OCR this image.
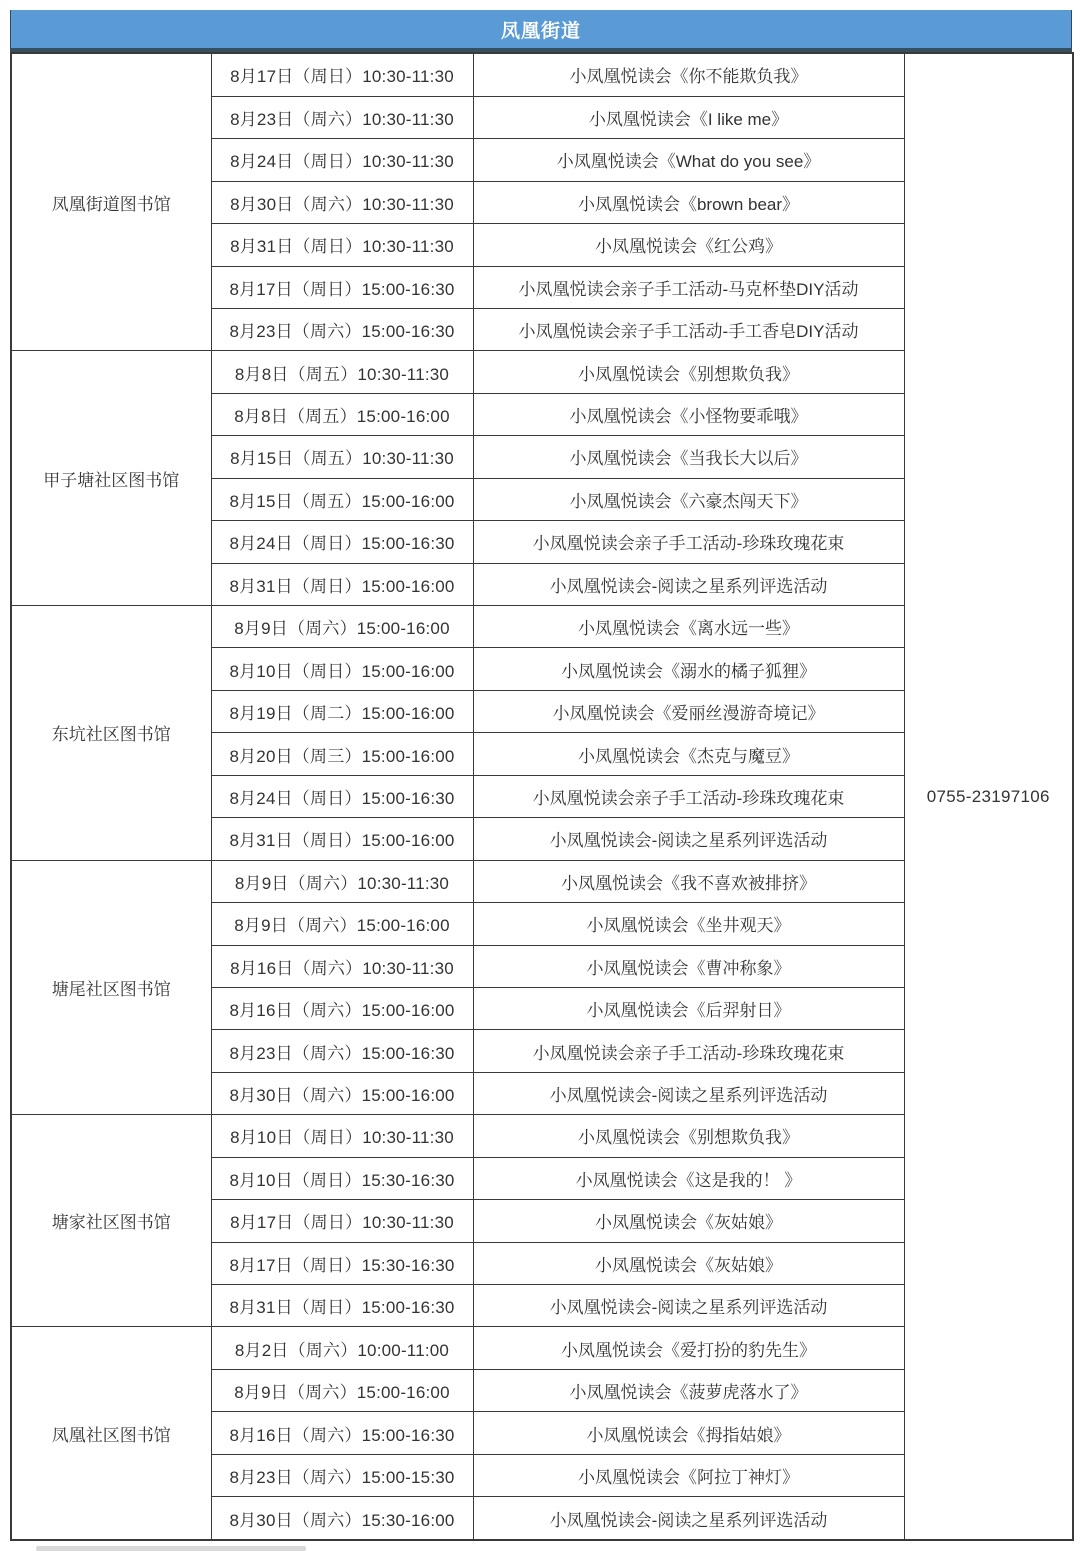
凤凰街道
凤凰街道图书馆	8月17日（周日）10:30-11:30	小凤凰悦读会《你不能欺负我》	0755-23197106
	8月23日（周六）10:30-11:30	小凤凰悦读会《I like me》	
	8月24日（周日）10:30-11:30	小凤凰悦读会《What do you see》	
	8月30日（周六）10:30-11:30	小凤凰悦读会《brown bear》	
	8月31日（周日）10:30-11:30	小凤凰悦读会《红公鸡》	
	8月17日（周日）15:00-16:30	小凤凰悦读会亲子手工活动-马克杯垫DIY活动	
	8月23日（周六）15:00-16:30	小凤凰悦读会亲子手工活动-手工香皂DIY活动	
甲子塘社区图书馆	8月8日（周五）10:30-11:30	小凤凰悦读会《别想欺负我》	
	8月8日（周五）15:00-16:00	小凤凰悦读会《小怪物要乖哦》	
	8月15日（周五）10:30-11:30	小凤凰悦读会《当我长大以后》	
	8月15日（周五）15:00-16:00	小凤凰悦读会《六豪杰闯天下》	
	8月24日（周日）15:00-16:30	小凤凰悦读会亲子手工活动-珍珠玫瑰花束	
	8月31日（周日）15:00-16:00	小凤凰悦读会-阅读之星系列评选活动	
东坑社区图书馆	8月9日（周六）15:00-16:00	小凤凰悦读会《离水远一些》	
	8月10日（周日）15:00-16:00	小凤凰悦读会《溺水的橘子狐狸》	
	8月19日（周二）15:00-16:00	小凤凰悦读会《爱丽丝漫游奇境记》	
	8月20日（周三）15:00-16:00	小凤凰悦读会《杰克与魔豆》	
	8月24日（周日）15:00-16:30	小凤凰悦读会亲子手工活动-珍珠玫瑰花束	
	8月31日（周日）15:00-16:00	小凤凰悦读会-阅读之星系列评选活动	
塘尾社区图书馆	8月9日（周六）10:30-11:30	小凤凰悦读会《我不喜欢被排挤》	
	8月9日（周六）15:00-16:00	小凤凰悦读会《坐井观天》	
	8月16日（周六）10:30-11:30	小凤凰悦读会《曹冲称象》	
	8月16日（周六）15:00-16:00	小凤凰悦读会《后羿射日》	
	8月23日（周六）15:00-16:30	小凤凰悦读会亲子手工活动-珍珠玫瑰花束	
	8月30日（周六）15:00-16:00	小凤凰悦读会-阅读之星系列评选活动	
塘家社区图书馆	8月10日（周日）10:30-11:30	小凤凰悦读会《别想欺负我》	
	8月10日（周日）15:30-16:30	小凤凰悦读会《这是我的！ 》	
	8月17日（周日）10:30-11:30	小凤凰悦读会《灰姑娘》	
	8月17日（周日）15:30-16:30	小凤凰悦读会《灰姑娘》	
	8月31日（周日）15:00-16:30	小凤凰悦读会-阅读之星系列评选活动	
凤凰社区图书馆	8月2日（周六）10:00-11:00	小凤凰悦读会《爱打扮的豹先生》	
	8月9日（周六）15:00-16:00	小凤凰悦读会《菠萝虎落水了》	
	8月16日（周六）15:00-16:30	小凤凰悦读会《拇指姑娘》	
	8月23日（周六）15:00-15:30	小凤凰悦读会《阿拉丁神灯》	
	8月30日（周六）15:30-16:00	小凤凰悦读会-阅读之星系列评选活动	
